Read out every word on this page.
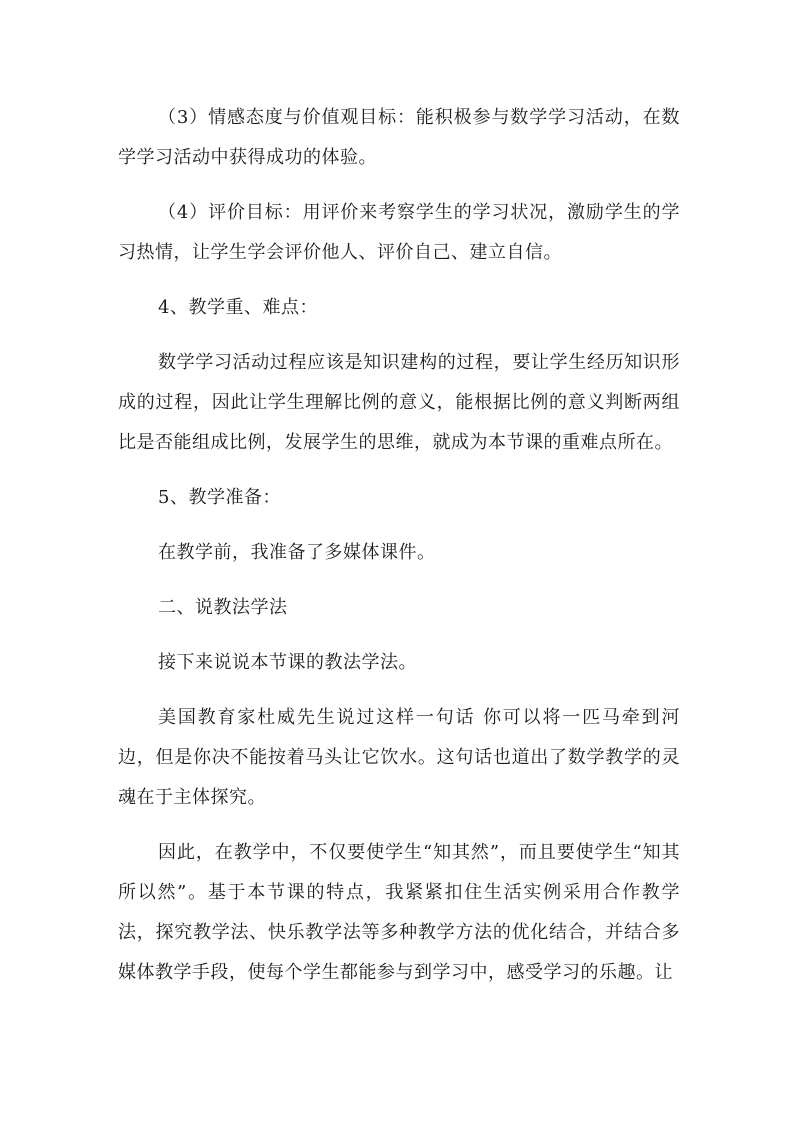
（3）情感态度与价值观目标：能积极参与数学学习活动，在数学学习活动中获得成功的体验。

（4）评价目标：用评价来考察学生的学习状况，激励学生的学习热情，让学生学会评价他人、评价自己、建立自信。

4、教学重、难点：

数学学习活动过程应该是知识建构的过程，要让学生经历知识形成的过程，因此让学生理解比例的意义，能根据比例的意义判断两组比是否能组成比例，发展学生的思维，就成为本节课的重难点所在。

5、教学准备：

在教学前，我准备了多媒体课件。

二、说教法学法

接下来说说本节课的教法学法。

美国教育家杜威先生说过这样一句话 你可以将一匹马牵到河边，但是你决不能按着马头让它饮水。这句话也道出了数学教学的灵魂在于主体探究。

因此，在教学中，不仅要使学生“知其然”，而且要使学生“知其所以然”。基于本节课的特点，我紧紧扣住生活实例采用合作教学法，探究教学法、快乐教学法等多种教学方法的优化结合，并结合多媒体教学手段，使每个学生都能参与到学习中，感受学习的乐趣。让
